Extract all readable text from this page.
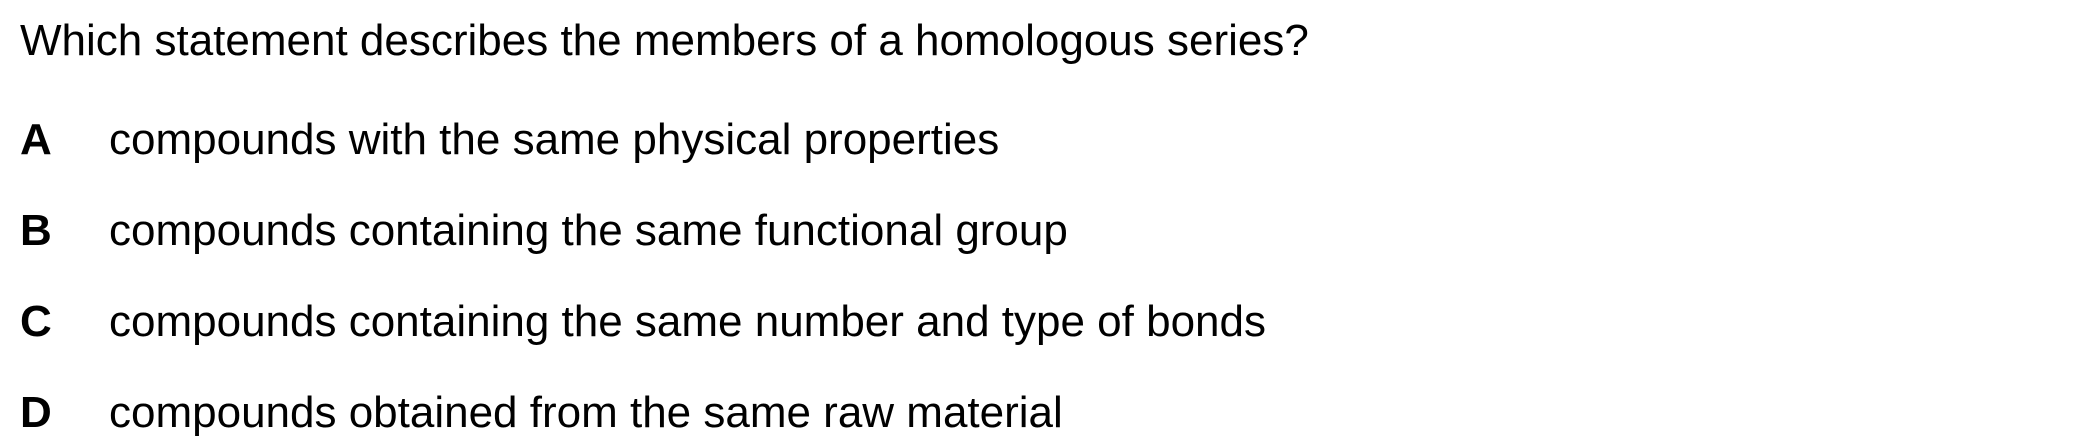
Which statement describes the members of a homologous series?
A	compounds with the same physical properties
B	compounds containing the same functional group
C	compounds containing the same number and type of bonds
D	compounds obtained from the same raw material
